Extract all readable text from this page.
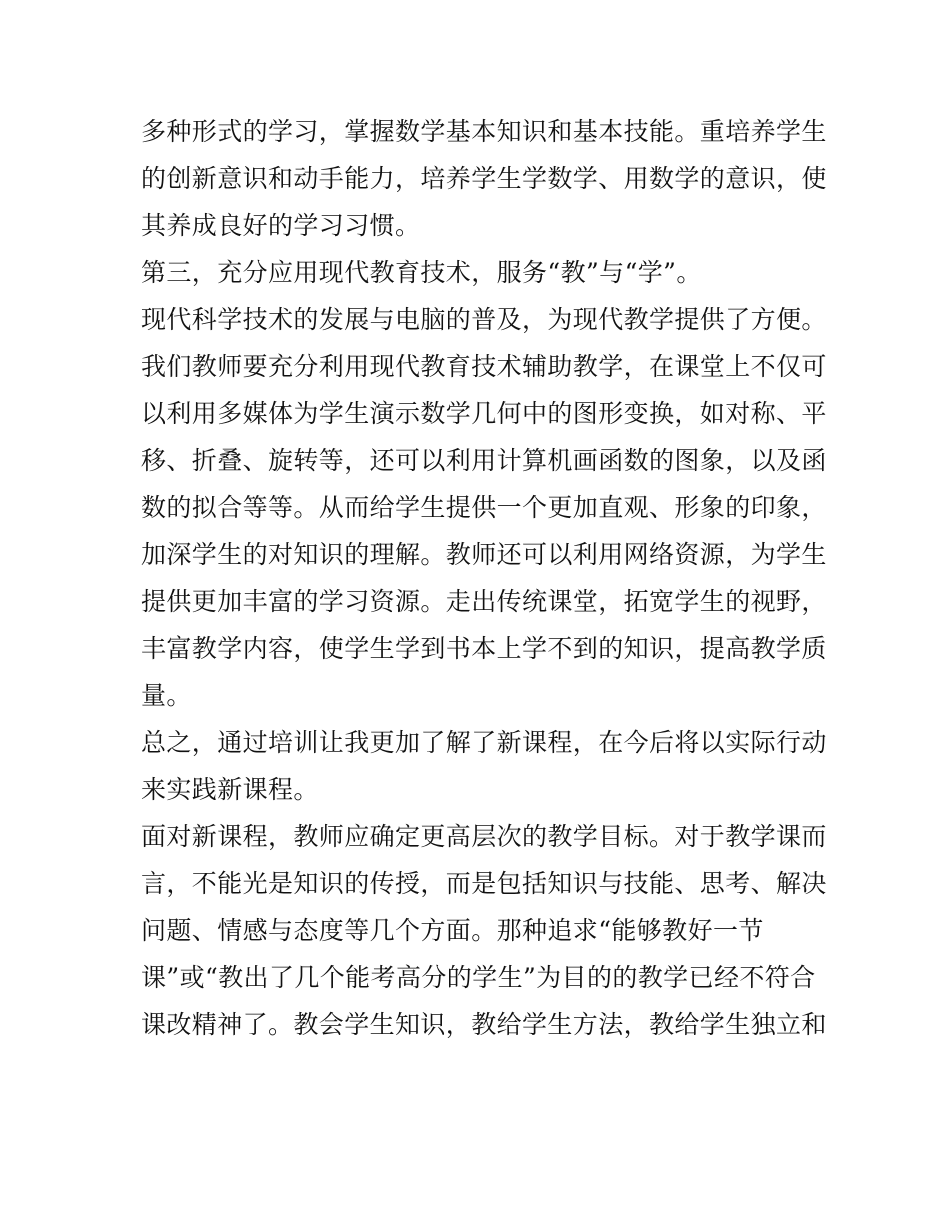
多种形式的学习，掌握数学基本知识和基本技能。重培养学生
的创新意识和动手能力，培养学生学数学、用数学的意识，使
其养成良好的学习习惯。
第三，充分应用现代教育技术，服务“教”与“学”。
现代科学技术的发展与电脑的普及，为现代教学提供了方便。
我们教师要充分利用现代教育技术辅助教学，在课堂上不仅可
以利用多媒体为学生演示数学几何中的图形变换，如对称、平
移、折叠、旋转等，还可以利用计算机画函数的图象，以及函
数的拟合等等。从而给学生提供一个更加直观、形象的印象，
加深学生的对知识的理解。教师还可以利用网络资源，为学生
提供更加丰富的学习资源。走出传统课堂，拓宽学生的视野，
丰富教学内容，使学生学到书本上学不到的知识，提高教学质
量。
总之，通过培训让我更加了解了新课程，在今后将以实际行动
来实践新课程。
面对新课程，教师应确定更高层次的教学目标。对于教学课而
言，不能光是知识的传授，而是包括知识与技能、思考、解决
问题、情感与态度等几个方面。那种追求“能够教好一节
课”或“教出了几个能考高分的学生”为目的的教学已经不符合
课改精神了。教会学生知识，教给学生方法，教给学生独立和
